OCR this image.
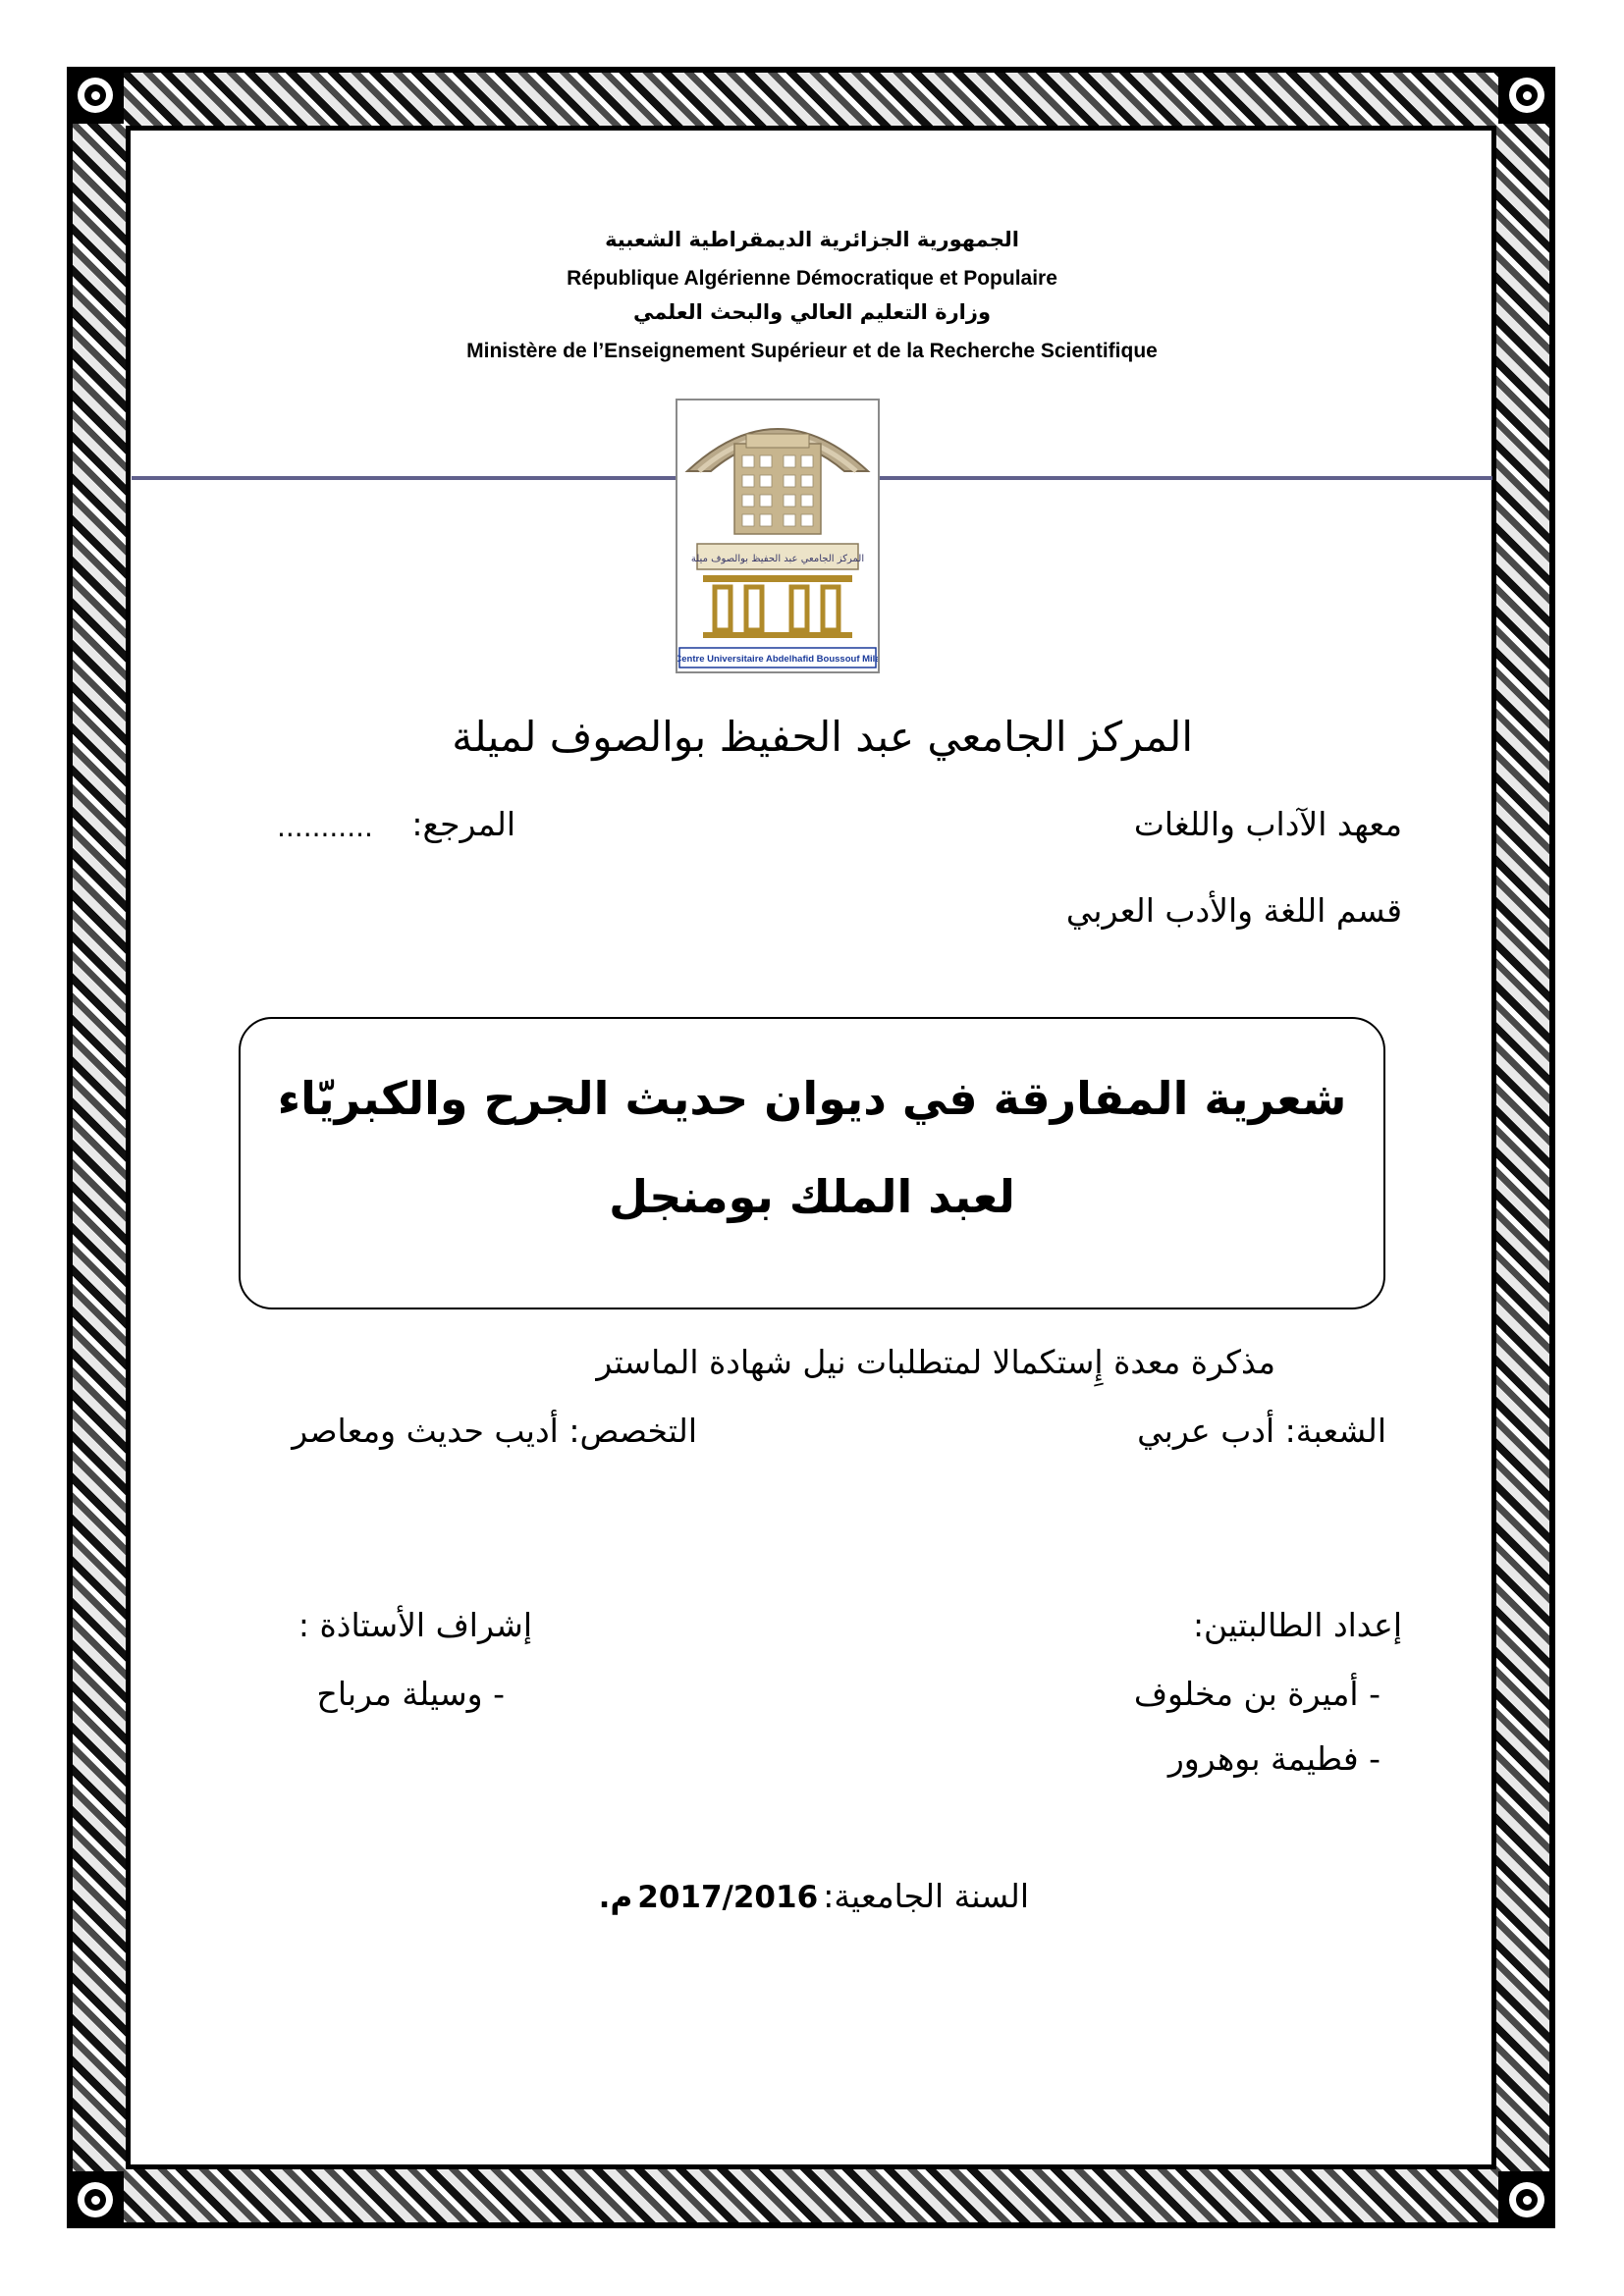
الجمهورية الجزائرية الديمقراطية الشعبية
République Algérienne Démocratique et Populaire
وزارة التعليم العالي والبحث العلمي
Ministère de l’Enseignement Supérieur et de la Recherche Scientifique
المركز الجامعي عبد الحفيظ بوالصوف ميلة
Centre Universitaire Abdelhafid Boussouf Mila
المركز الجامعي عبد الحفيظ بوالصوف لميلة
معهد الآداب واللغات
المرجع:
...........
قسم اللغة والأدب العربي
شعرية المفارقة في ديوان حديث الجرح والكبريّاء
لعبد الملك بومنجل
مذكرة معدة إِستكمالا لمتطلبات نيل شهادة الماستر
الشعبة: أدب عربي
التخصص: أديب حديث ومعاصر
إعداد الطالبتين:
- أميرة بن مخلوف
- فطيمة بوهرور
إشراف الأستاذة :
- وسيلة مرباح
السنة الجامعية: 2017/2016 م.
